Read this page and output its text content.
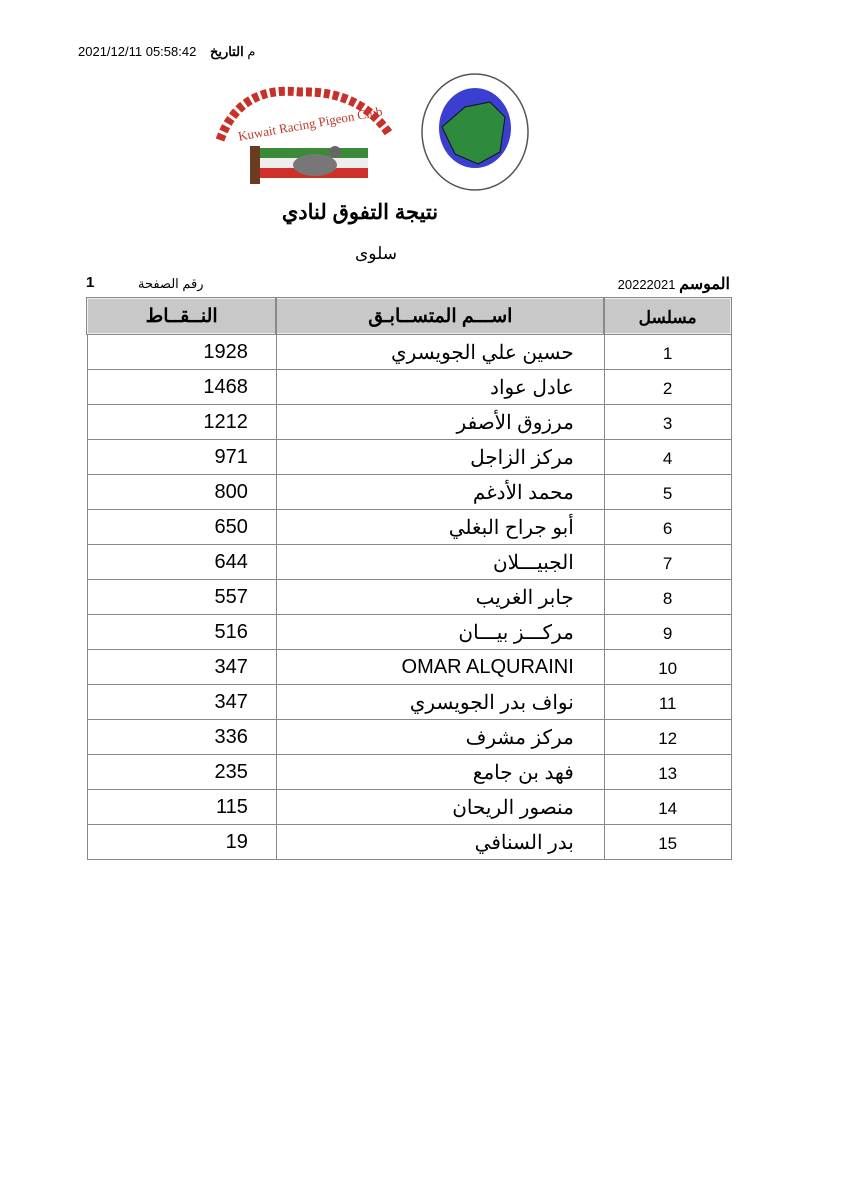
2021/12/11 05:58:42 م التاريخ
Kuwait Racing Pigeon Club
نتيجة التفوق لنادي
سلوى
1	رقم الصفحة	الموسم 20222021
النــقــاط	اســـم المتســابـق	مسلسل
1928	حسين علي الجويسري	1
1468	عادل عواد	2
1212	مرزوق الأصفر	3
971	مركز الزاجل	4
800	محمد الأدغم	5
650	أبو جراح البغلي	6
644	الجبيـــلان	7
557	جابر الغريب	8
516	مركـــز بيـــان	9
347	OMAR ALQURAINI	10
347	نواف بدر الجويسري	11
336	مركز مشرف	12
235	فهد بن جامع	13
115	منصور الريحان	14
19	بدر السنافي	15
